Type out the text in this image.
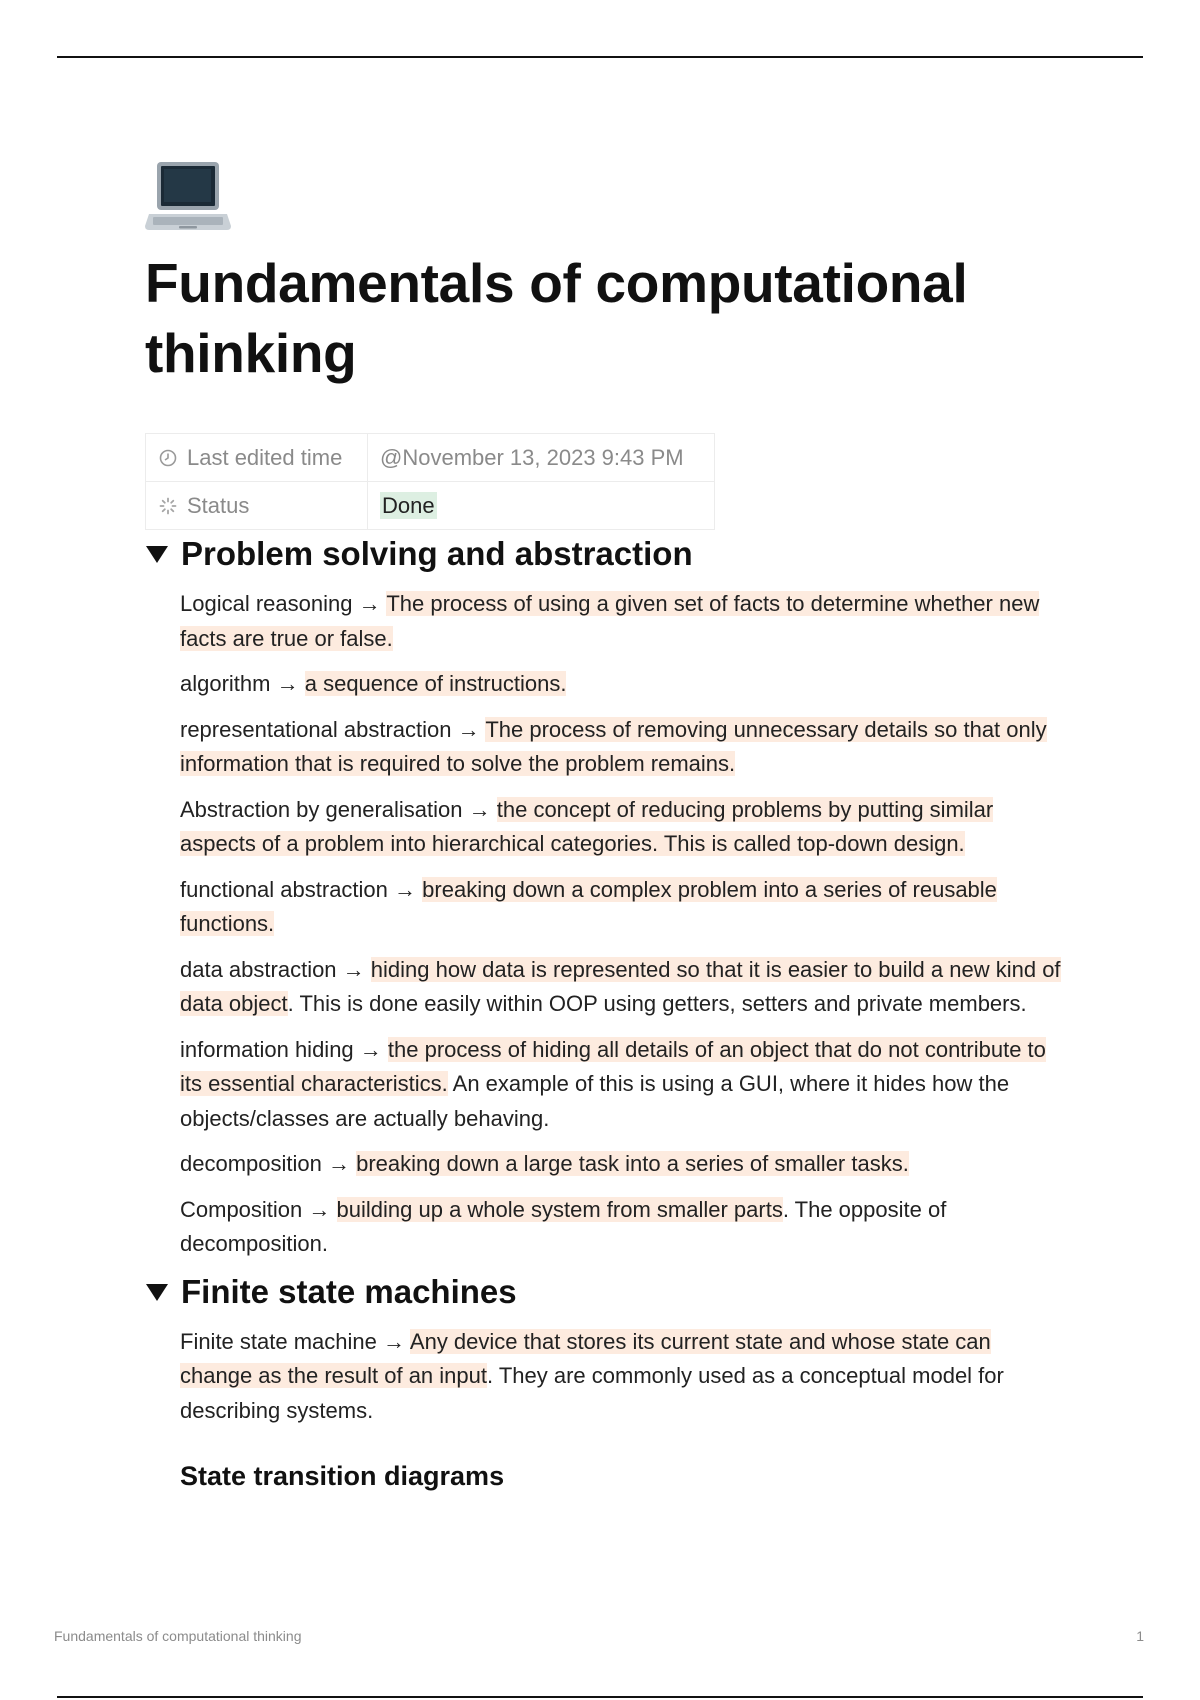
Fundamentals of computational thinking
Last edited time	@November 13, 2023 9:43 PM
Status	Done
Problem solving and abstraction

Logical reasoning → The process of using a given set of facts to determine whether new facts are true or false.

algorithm → a sequence of instructions.

representational abstraction → The process of removing unnecessary details so that only information that is required to solve the problem remains.

Abstraction by generalisation → the concept of reducing problems by putting similar aspects of a problem into hierarchical categories. This is called top-down design.

functional abstraction → breaking down a complex problem into a series of reusable functions.

data abstraction → hiding how data is represented so that it is easier to build a new kind of data object. This is done easily within OOP using getters, setters and private members.

information hiding → the process of hiding all details of an object that do not contribute to its essential characteristics. An example of this is using a GUI, where it hides how the objects/classes are actually behaving.

decomposition → breaking down a large task into a series of smaller tasks.

Composition → building up a whole system from smaller parts. The opposite of decomposition.

Finite state machines

Finite state machine → Any device that stores its current state and whose state can change as the result of an input. They are commonly used as a conceptual model for describing systems.

State transition diagrams
Fundamentals of computational thinking	1
